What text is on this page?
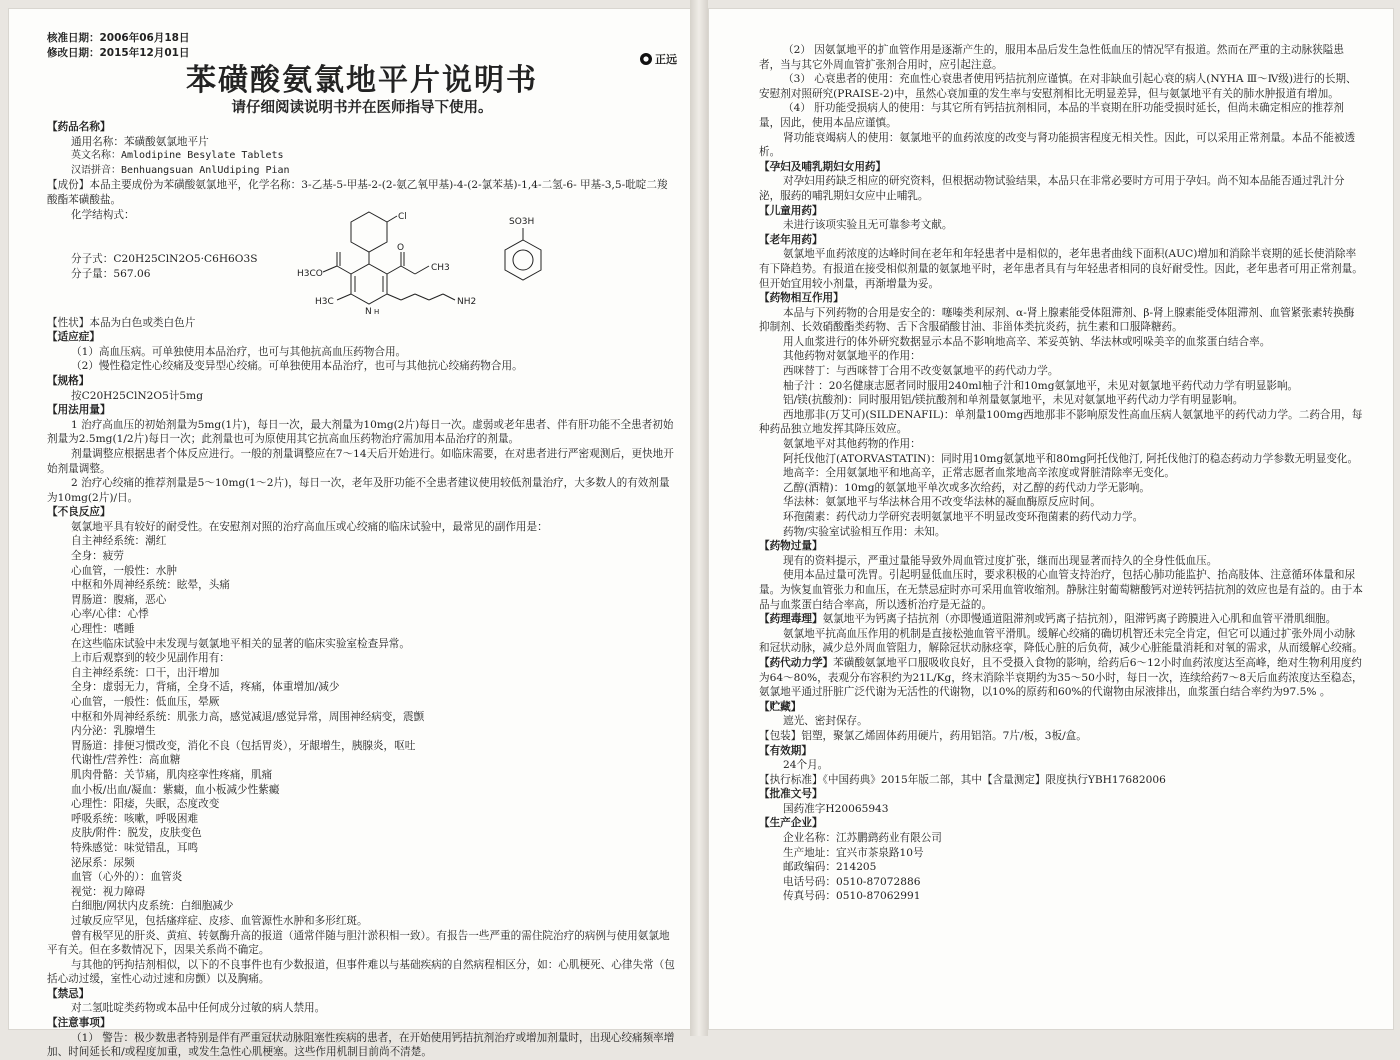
正远

核准日期：2006年06月18日

修改日期：2015年12月01日

苯磺酸氨氯地平片说明书

请仔细阅读说明书并在医师指导下使用。

【药品名称】

通用名称：苯磺酸氨氯地平片

英文名称：Amlodipine Besylate Tablets

汉语拼音：Benhuangsuan AnlUdiping Pian

【成份】本品主要成份为苯磺酸氨氯地平，化学名称：3-乙基-5-甲基-2-(2-氨乙氧甲基)-4-(2-氯苯基)-1,4-二氢-6- 甲基-3,5-吡啶二羧酸酯苯磺酸盐。

化学结构式：

分子式：C20H25ClN2O5·C6H6O3S

分子量：567.06

Cl
H3CO
CH3
O
H3C
N H
NH2
SO3H

【性状】本品为白色或类白色片

【适应症】

（1）高血压病。可单独使用本品治疗，也可与其他抗高血压药物合用。

（2）慢性稳定性心绞痛及变异型心绞痛。可单独使用本品治疗，也可与其他抗心绞痛药物合用。

【规格】

按C20H25ClN2O5计5mg

【用法用量】

1 治疗高血压的初始剂量为5mg(1片)，每日一次，最大剂量为10mg(2片)每日一次。虚弱或老年患者、伴有肝功能不全患者初始剂量为2.5mg(1/2片)每日一次；此剂量也可为原使用其它抗高血压药物治疗需加用本品治疗的剂量。

剂量调整应根据患者个体反应进行。一般的剂量调整应在7～14天后开始进行。如临床需要，在对患者进行严密观测后，更快地开始剂量调整。

2 治疗心绞痛的推荐剂量是5～10mg(1～2片)，每日一次，老年及肝功能不全患者建议使用较低剂量治疗，大多数人的有效剂量为10mg(2片)/日。

【不良反应】

氨氯地平具有较好的耐受性。在安慰剂对照的治疗高血压或心绞痛的临床试验中，最常见的副作用是：

自主神经系统：潮红

全身：疲劳

心血管，一般性：水肿

中枢和外周神经系统：眩晕，头痛

胃肠道：腹痛，恶心

心率/心律：心悸

心理性：嗜睡

在这些临床试验中未发现与氨氯地平相关的显著的临床实验室检查异常。

上市后观察到的较少见副作用有：

自主神经系统：口干，出汗增加

全身：虚弱无力，背痛，全身不适，疼痛，体重增加/减少

心血管，一般性：低血压，晕厥

中枢和外周神经系统：肌张力高，感觉减退/感觉异常，周围神经病变，震颤

内分泌：乳腺增生

胃肠道：排便习惯改变，消化不良（包括胃炎），牙龈增生，胰腺炎，呕吐

代谢性/营养性：高血糖

肌肉骨骼：关节痛，肌肉痉挛性疼痛，肌痛

血小板/出血/凝血：紫癜，血小板减少性紫癜

心理性：阳痿，失眠，态度改变

呼吸系统：咳嗽，呼吸困难

皮肤/附件：脱发，皮肤变色

特殊感觉：味觉错乱，耳鸣

泌尿系：尿频

血管（心外的）：血管炎

视觉：视力障碍

白细胞/网状内皮系统：白细胞减少

过敏反应罕见，包括瘙痒症、皮疹、血管源性水肿和多形红斑。

曾有极罕见的肝炎、黄疸、转氨酶升高的报道（通常伴随与胆汁淤积相一致）。有报告一些严重的需住院治疗的病例与使用氨氯地平有关。但在多数情况下，因果关系尚不确定。

与其他的钙拘拮剂相似，以下的不良事件也有少数报道，但事件难以与基础疾病的自然病程相区分，如：心肌梗死、心律失常（包括心动过缓，室性心动过速和房颤）以及胸痛。

【禁忌】

对二氢吡啶类药物或本品中任何成分过敏的病人禁用。

【注意事项】

（1） 警告：极少数患者特别是伴有严重冠状动脉阻塞性疾病的患者，在开始使用钙拮抗剂治疗或增加剂量时，出现心绞痛频率增加、时间延长和/或程度加重，或发生急性心肌梗塞。这些作用机制目前尚不清楚。

（2） 因氨氯地平的扩血管作用是逐渐产生的，服用本品后发生急性低血压的情况罕有报道。然而在严重的主动脉狭隘患者，当与其它外周血管扩张剂合用时，应引起注意。

（3） 心衰患者的使用：充血性心衰患者使用钙拮抗剂应谨慎。在对非缺血引起心衰的病人(NYHA Ⅲ～Ⅳ级)进行的长期、安慰剂对照研究(PRAISE-2)中，虽然心衰加重的发生率与安慰剂相比无明显差异，但与氨氯地平有关的肺水肿报道有增加。

（4） 肝功能受损病人的使用：与其它所有钙拮抗剂相同，本品的半衰期在肝功能受损时延长，但尚未确定相应的推荐剂量，因此，使用本品应谨慎。

肾功能衰竭病人的使用：氨氯地平的血药浓度的改变与肾功能损害程度无相关性。因此，可以采用正常剂量。本品不能被透析。

【孕妇及哺乳期妇女用药】

对孕妇用药缺乏相应的研究资料，但根据动物试验结果，本品只在非常必要时方可用于孕妇。尚不知本品能否通过乳汁分泌，服药的哺乳期妇女应中止哺乳。

【儿童用药】

未进行该项实验且无可靠参考文献。

【老年用药】

氨氯地平血药浓度的达峰时间在老年和年轻患者中是相似的，老年患者曲线下面积(AUC)增加和消除半衰期的延长使消除率有下降趋势。有报道在接受相似剂量的氨氯地平时，老年患者具有与年轻患者相同的良好耐受性。因此，老年患者可用正常剂量。但开始宜用较小剂量，再渐增量为妥。

【药物相互作用】

本品与下列药物的合用是安全的：噻嗪类利尿剂、α-肾上腺素能受体阻滞剂、β-肾上腺素能受体阻滞剂、血管紧张素转换酶抑制剂、长效硝酸酯类药物、舌下含服硝酸甘油、非甾体类抗炎药，抗生素和口服降糖药。

用人血浆进行的体外研究数据显示本品不影响地高辛、苯妥英钠、华法林或吲哚美辛的血浆蛋白结合率。

其他药物对氨氯地平的作用：

西咪替丁：与西咪替丁合用不改变氨氯地平的药代动力学。

柚子汁 ：20名健康志愿者同时服用240ml柚子汁和10mg氨氯地平，未见对氨氯地平药代动力学有明显影响。

铝/镁(抗酸剂)：同时服用铝/镁抗酸剂和单剂量氨氯地平，未见对氨氯地平药代动力学有明显影响。

西地那非(万艾可)(SILDENAFIL)：单剂量100mg西地那非不影响原发性高血压病人氨氯地平的药代动力学。二药合用，每种药品独立地发挥其降压效应。

氨氯地平对其他药物的作用：

阿托伐他汀(ATORVASTATIN)：同时用10mg氨氯地平和80mg阿托伐他汀, 阿托伐他汀的稳态药动力学参数无明显变化。

地高辛：全用氨氯地平和地高辛，正常志愿者血浆地高辛浓度或肾脏清除率无变化。

乙醇(酒精)：10mg的氨氯地平单次或多次给药，对乙醇的药代动力学无影响。

华法林：氨氯地平与华法林合用不改变华法林的凝血酶原反应时间。

环孢菌素：药代动力学研究表明氨氯地平不明显改变环孢菌素的药代动力学。

药物/实验室试验相互作用：未知。

【药物过量】

现有的资料提示，严重过量能导致外周血管过度扩张，继而出现显著而持久的全身性低血压。

使用本品过量可洗胃。引起明显低血压时，要求积极的心血管支持治疗，包括心肺功能监护、抬高肢体、注意循环体量和尿量。为恢复血管张力和血压，在无禁忌症时亦可采用血管收缩剂。静脉注射葡萄糖酸钙对逆转钙拮抗剂的效应也是有益的。由于本品与血浆蛋白结合率高，所以透析治疗是无益的。

【药理毒理】氨氯地平为钙离子拮抗剂（亦即慢通道阻滞剂或钙离子拮抗剂），阻滞钙离子跨膜进入心肌和血管平滑肌细胞。

氨氯地平抗高血压作用的机制是直接松弛血管平滑肌。缓解心绞痛的确切机智还未完全肯定，但它可以通过扩张外周小动脉和冠状动脉，减少总外周血管阻力，解除冠状动脉痉挛，降低心脏的后负荷，减少心脏能量消耗和对氧的需求，从而缓解心绞痛。

【药代动力学】苯磺酸氨氯地平口服吸收良好，且不受摄入食物的影响，给药后6～12小时血药浓度达至高峰，绝对生物利用度约为64～80%，表观分布容积约为21L/Kg，终末消除半衰期约为35～50小时，每日一次，连续给药7～8天后血药浓度达至稳态，氨氯地平通过肝脏广泛代谢为无活性的代谢物，以10%的原药和60%的代谢物由尿液排出，血浆蛋白结合率约为97.5% 。

【贮藏】

遮光、密封保存。

【包装】铝塑，聚氯乙烯固体药用硬片，药用铝箔。7片/板，3板/盒。

【有效期】

24个月。

【执行标准】《中国药典》2015年版二部，其中【含量测定】限度执行YBH17682006

【批准文号】

国药准字H20065943

【生产企业】

企业名称：江苏鹏鹞药业有限公司

生产地址：宜兴市茶泉路10号

邮政编码：214205

电话号码：0510-87072886

传真号码：0510-87062991
